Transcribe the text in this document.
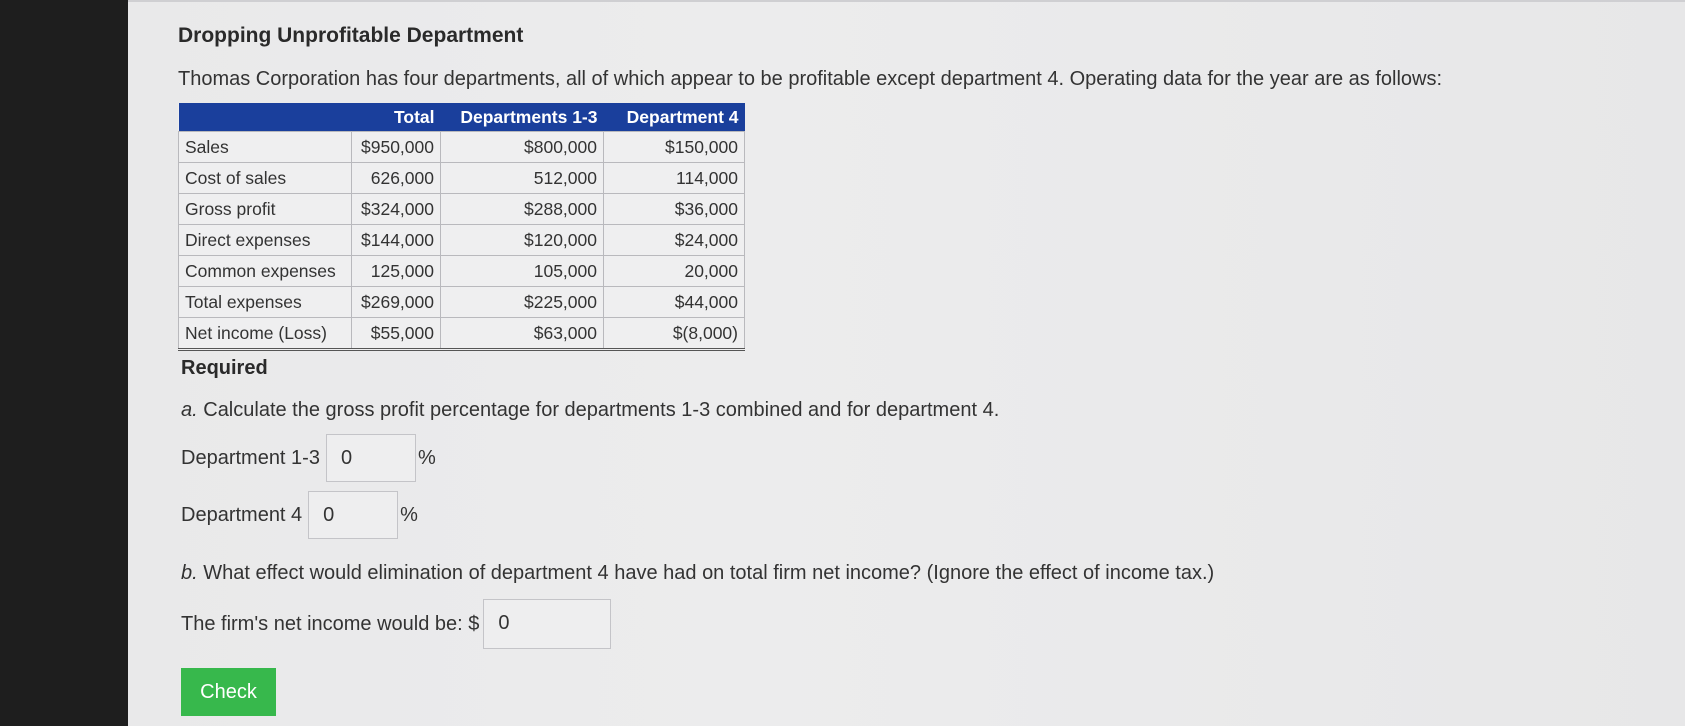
Dropping Unprofitable Department
Thomas Corporation has four departments, all of which appear to be profitable except department 4. Operating data for the year are as follows:
	Total	Departments 1-3	Department 4
Sales	$950,000	$800,000	$150,000
Cost of sales	626,000	512,000	114,000
Gross profit	$324,000	$288,000	$36,000
Direct expenses	$144,000	$120,000	$24,000
Common expenses	125,000	105,000	20,000
Total expenses	$269,000	$225,000	$44,000
Net income (Loss)	$55,000	$63,000	$(8,000)
Required
a. Calculate the gross profit percentage for departments 1-3 combined and for department 4.
Department 1-3	0	%
Department 4	0	%
b. What effect would elimination of department 4 have had on total firm net income? (Ignore the effect of income tax.)
The firm's net income would be: $ 0
Check
